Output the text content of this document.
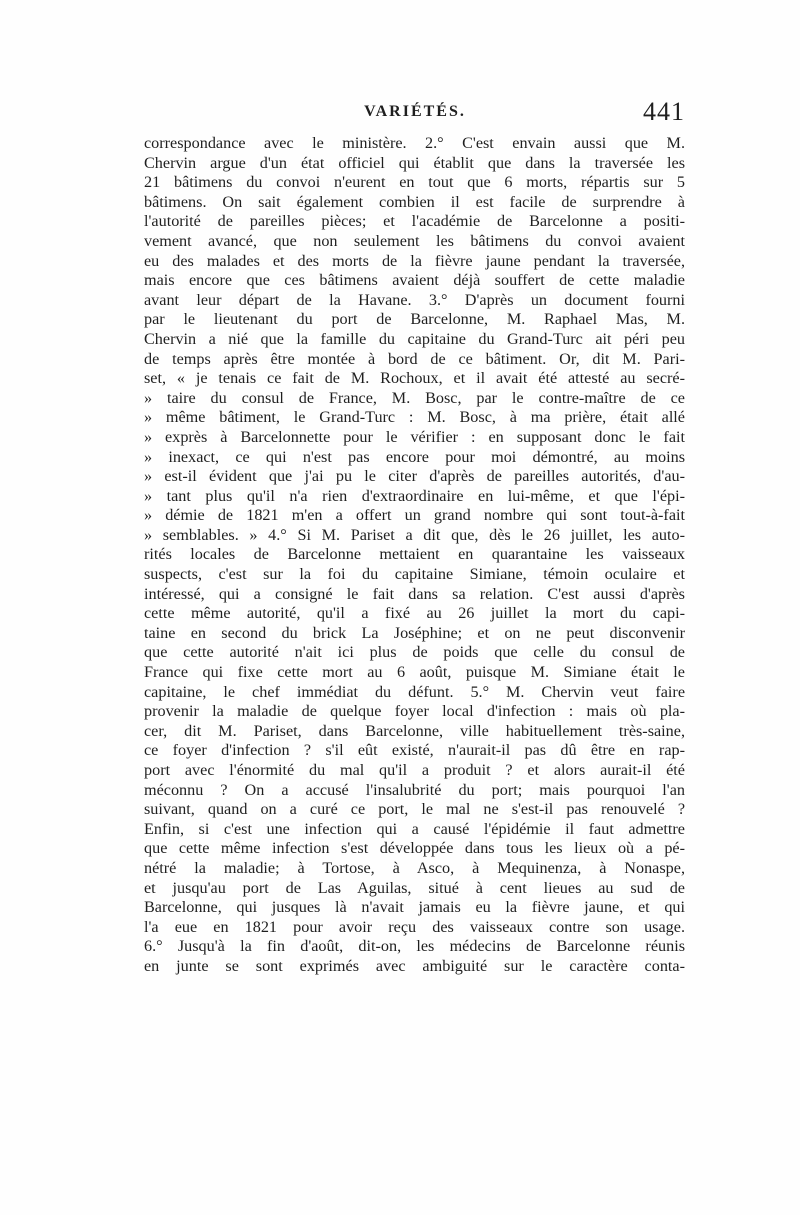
VARIÉTÉS.	441
correspondance avec le ministère. 2.° C'est envain aussi que M.
Chervin argue d'un état officiel qui établit que dans la traversée les
21 bâtimens du convoi n'eurent en tout que 6 morts, répartis sur 5
bâtimens. On sait également combien il est facile de surprendre à
l'autorité de pareilles pièces; et l'académie de Barcelonne a positi-
vement avancé, que non seulement les bâtimens du convoi avaient
eu des malades et des morts de la fièvre jaune pendant la traversée,
mais encore que ces bâtimens avaient déjà souffert de cette maladie
avant leur départ de la Havane. 3.° D'après un document fourni
par le lieutenant du port de Barcelonne, M. Raphael Mas, M.
Chervin a nié que la famille du capitaine du Grand-Turc ait péri peu
de temps après être montée à bord de ce bâtiment. Or, dit M. Pari-
set, « je tenais ce fait de M. Rochoux, et il avait été attesté au secré-
» taire du consul de France, M. Bosc, par le contre-maître de ce
» même bâtiment, le Grand-Turc : M. Bosc, à ma prière, était allé
» exprès à Barcelonnette pour le vérifier : en supposant donc le fait
» inexact, ce qui n'est pas encore pour moi démontré, au moins
» est-il évident que j'ai pu le citer d'après de pareilles autorités, d'au-
» tant plus qu'il n'a rien d'extraordinaire en lui-même, et que l'épi-
» démie de 1821 m'en a offert un grand nombre qui sont tout-à-fait
» semblables. » 4.° Si M. Pariset a dit que, dès le 26 juillet, les auto-
rités locales de Barcelonne mettaient en quarantaine les vaisseaux
suspects, c'est sur la foi du capitaine Simiane, témoin oculaire et
intéressé, qui a consigné le fait dans sa relation. C'est aussi d'après
cette même autorité, qu'il a fixé au 26 juillet la mort du capi-
taine en second du brick La Joséphine; et on ne peut disconvenir
que cette autorité n'ait ici plus de poids que celle du consul de
France qui fixe cette mort au 6 août, puisque M. Simiane était le
capitaine, le chef immédiat du défunt. 5.° M. Chervin veut faire
provenir la maladie de quelque foyer local d'infection : mais où pla-
cer, dit M. Pariset, dans Barcelonne, ville habituellement très-saine,
ce foyer d'infection ? s'il eût existé, n'aurait-il pas dû être en rap-
port avec l'énormité du mal qu'il a produit ? et alors aurait-il été
méconnu ? On a accusé l'insalubrité du port; mais pourquoi l'an
suivant, quand on a curé ce port, le mal ne s'est-il pas renouvelé ?
Enfin, si c'est une infection qui a causé l'épidémie il faut admettre
que cette même infection s'est développée dans tous les lieux où a pé-
nétré la maladie; à Tortose, à Asco, à Mequinenza, à Nonaspe,
et jusqu'au port de Las Aguilas, situé à cent lieues au sud de
Barcelonne, qui jusques là n'avait jamais eu la fièvre jaune, et qui
l'a eue en 1821 pour avoir reçu des vaisseaux contre son usage.
6.° Jusqu'à la fin d'août, dit-on, les médecins de Barcelonne réunis
en junte se sont exprimés avec ambiguité sur le caractère conta-
